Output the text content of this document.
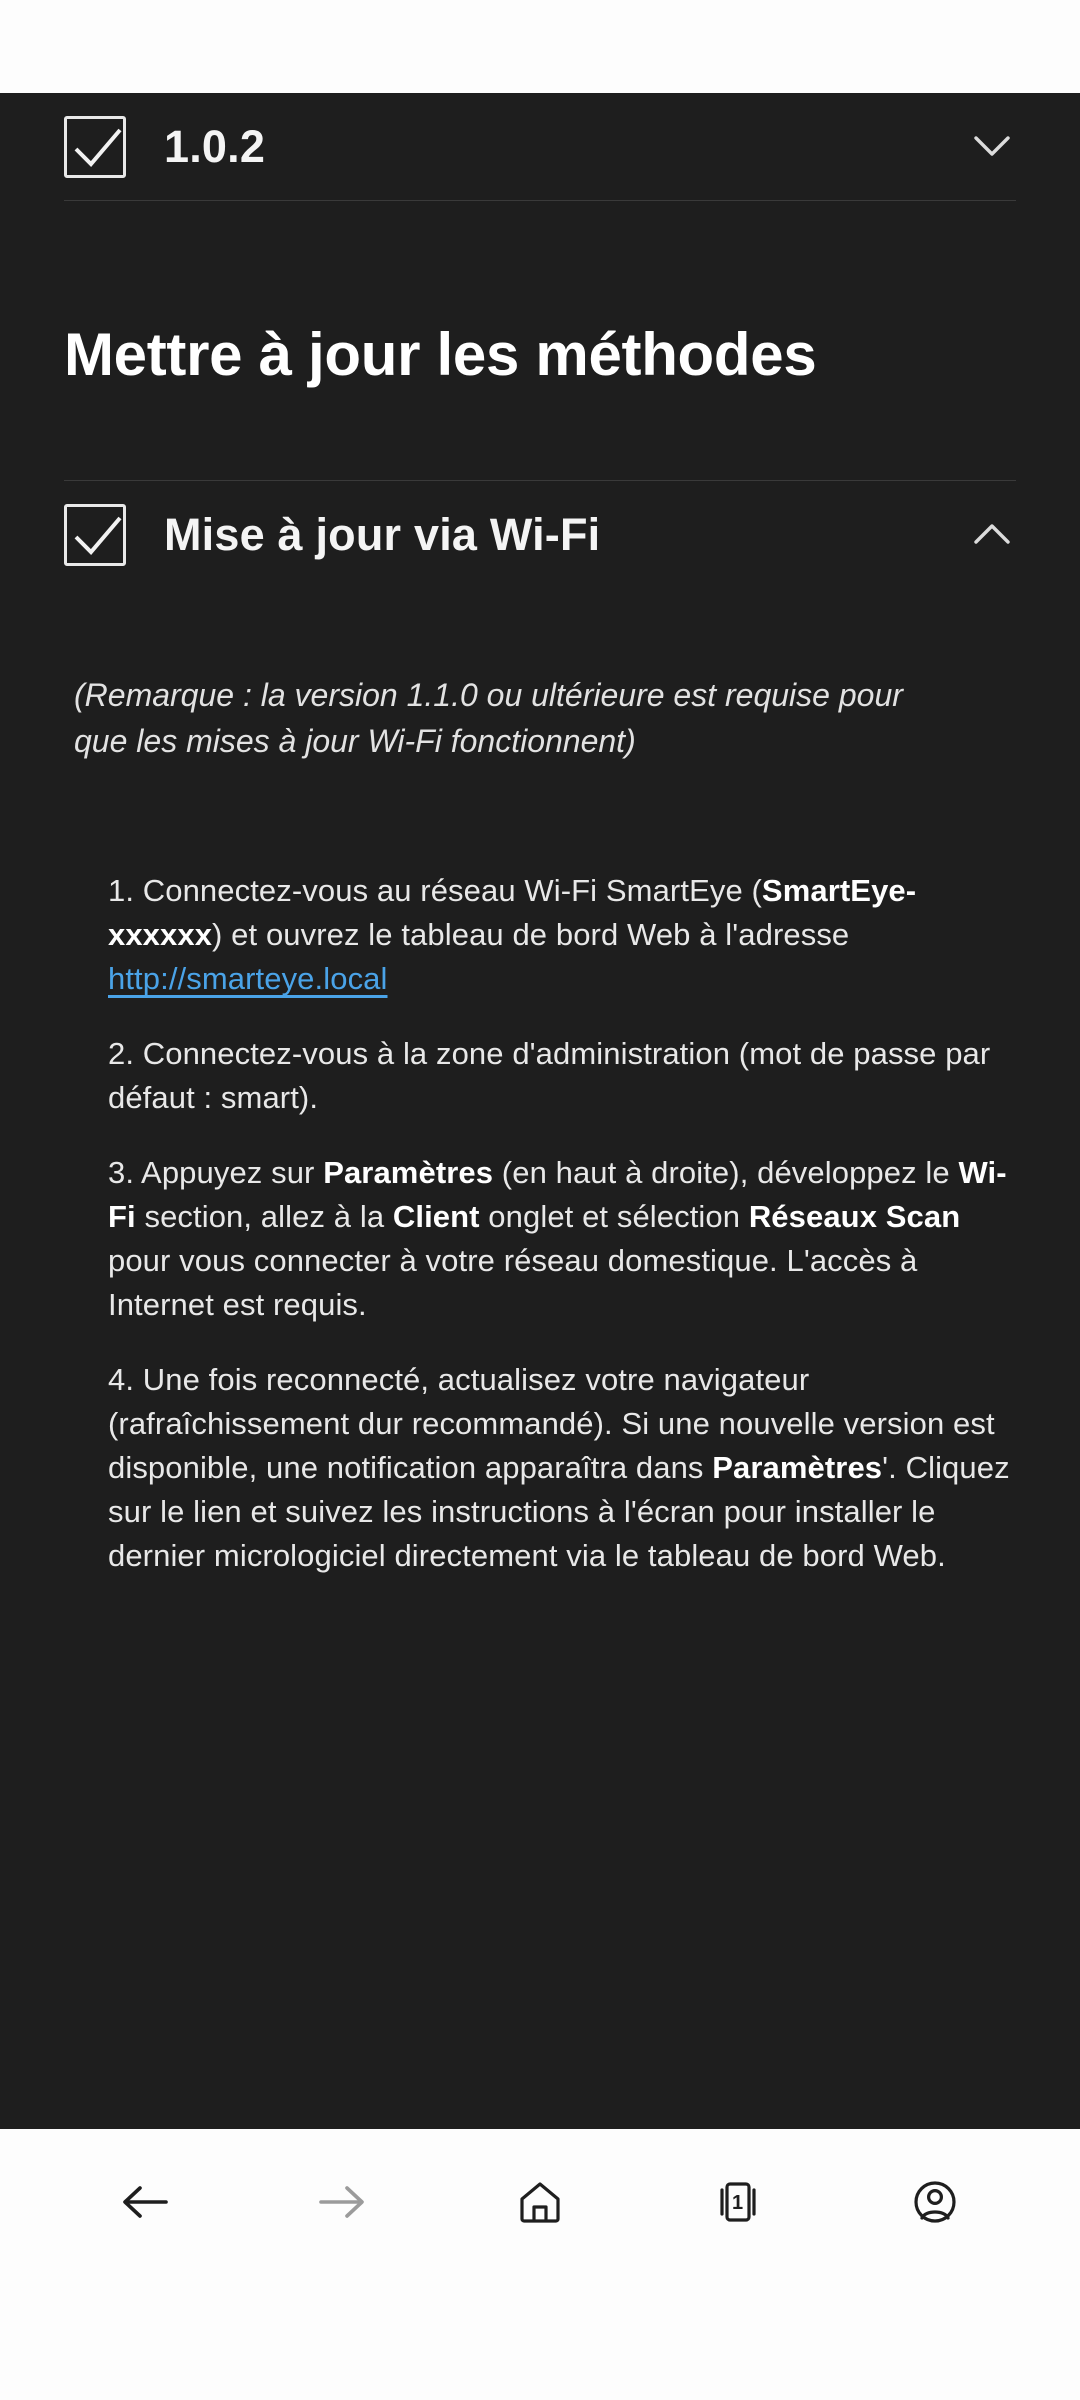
1.0.2
Mettre à jour les méthodes
Mise à jour via Wi-Fi

(Remarque : la version 1.1.0 ou ultérieure est requise pour que les mises à jour Wi-Fi fonctionnent)

1. Connectez-vous au réseau Wi-Fi SmartEye (SmartEye-xxxxxx) et ouvrez le tableau de bord Web à l'adresse http://smarteye.local

2. Connectez-vous à la zone d'administration (mot de passe par défaut : smart).

3. Appuyez sur Paramètres (en haut à droite), développez le Wi-Fi section, allez à la Client onglet et sélection Réseaux Scan pour vous connecter à votre réseau domestique. L'accès à Internet est requis.

4. Une fois reconnecté, actualisez votre navigateur (rafraîchissement dur recommandé). Si une nouvelle version est disponible, une notification apparaîtra dans Paramètres'. Cliquez sur le lien et suivez les instructions à l'écran pour installer le dernier micrologiciel directement via le tableau de bord Web.

1
